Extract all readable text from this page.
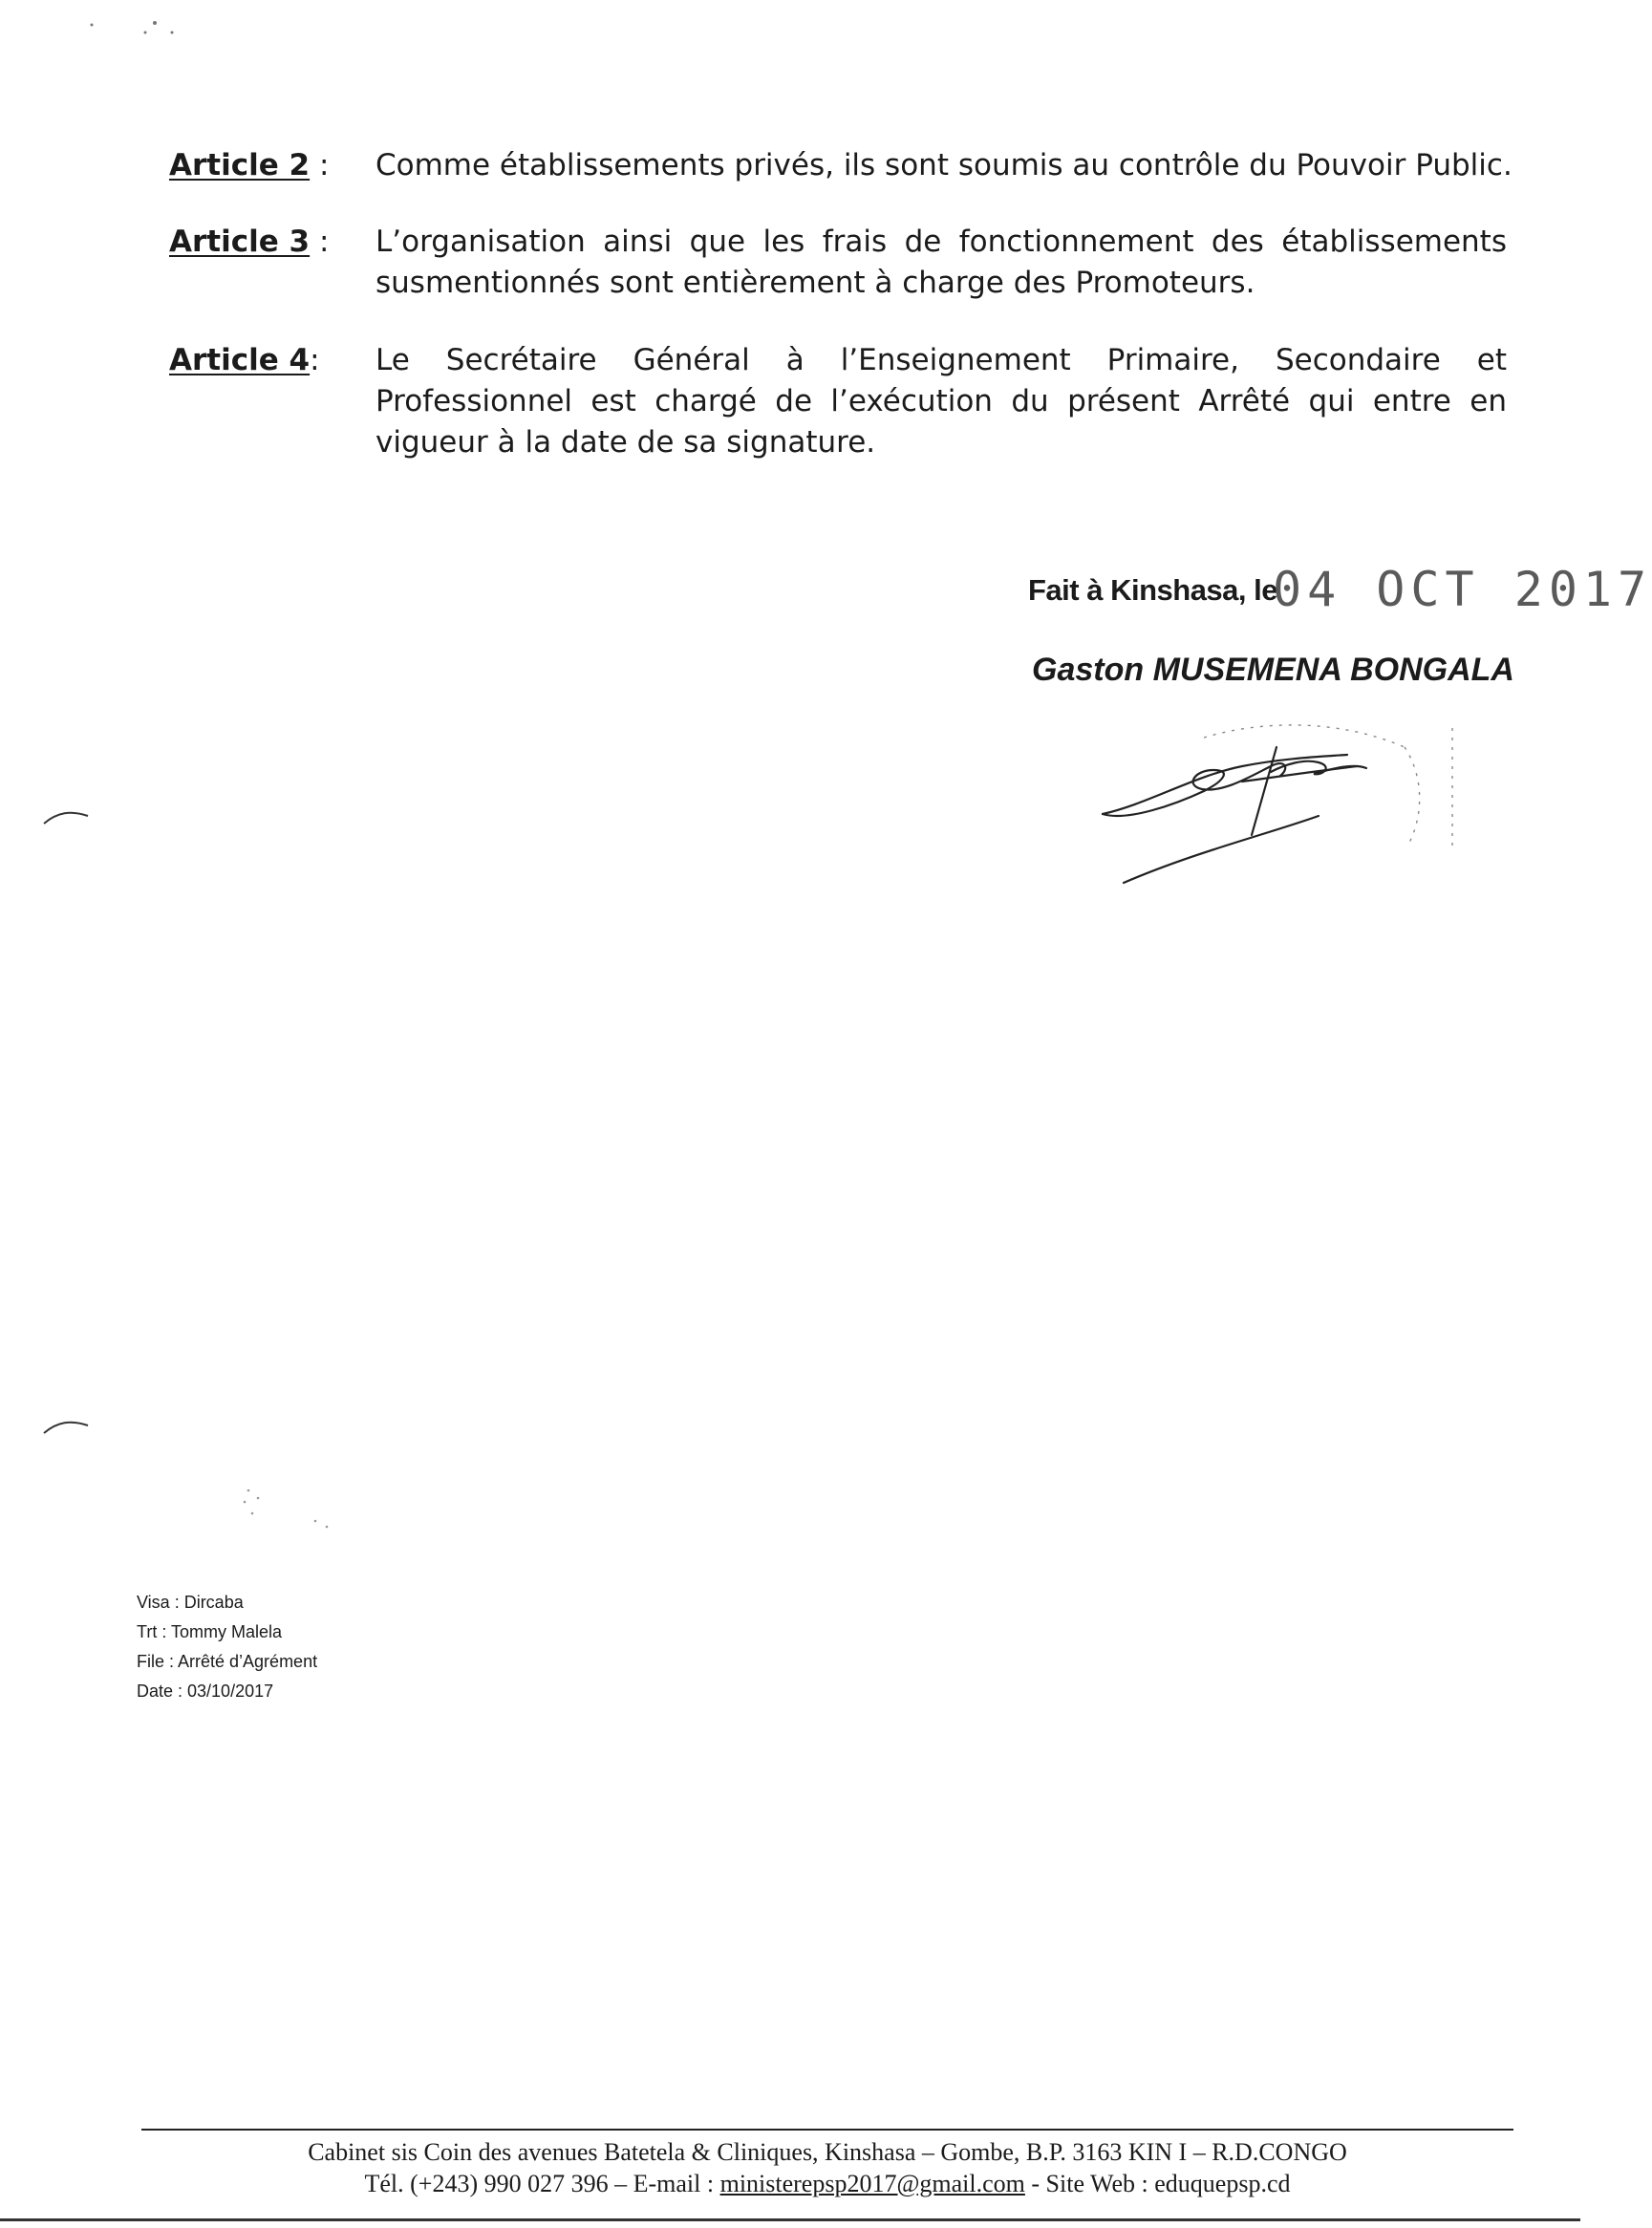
Article 2 :	Comme établissements privés, ils sont soumis au contrôle du Pouvoir Public.

Article 3 :	L’organisation ainsi que les frais de fonctionnement des établissements susmentionnés sont entièrement à charge des Promoteurs.

Article 4:	Le Secrétaire Général à l’Enseignement Primaire, Secondaire et Professionnel est chargé de l’exécution du présent Arrêté qui entre en vigueur à la date de sa signature.

Fait à Kinshasa, le
04 OCT 2017
Gaston MUSEMENA BONGALA
Visa : Dircaba
Trt : Tommy Malela
File : Arrêté d’Agrément
Date : 03/10/2017
Cabinet sis Coin des avenues Batetela & Cliniques, Kinshasa – Gombe, B.P. 3163 KIN I – R.D.CONGO
Tél. (+243) 990 027 396 – E-mail : ministerepsp2017@gmail.com - Site Web : eduquepsp.cd
